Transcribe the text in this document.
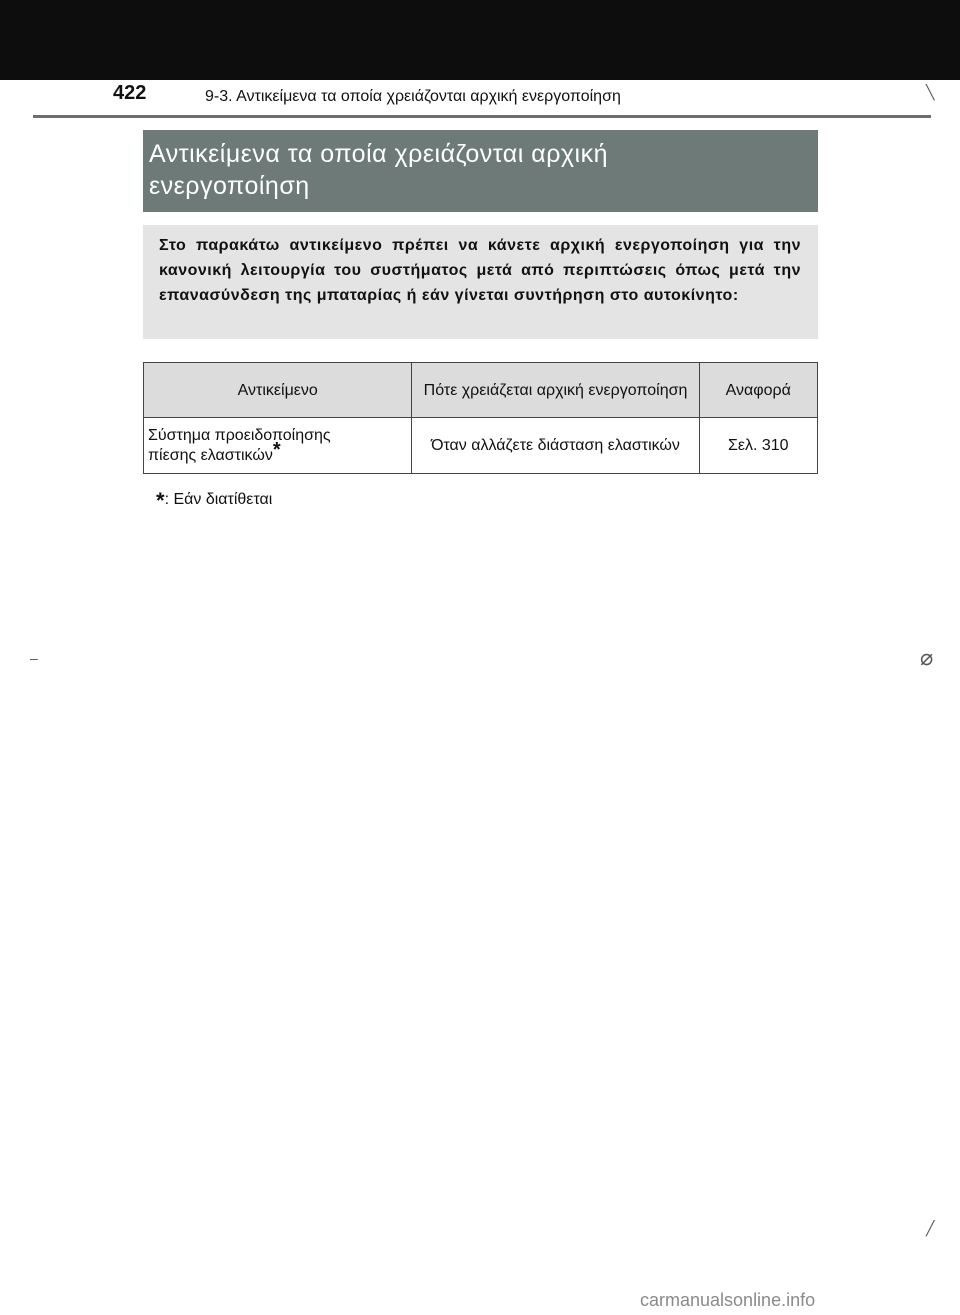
422	9-3. Αντικείμενα τα οποία χρειάζονται αρχική ενεργοποίηση	╲
–	⌀
╱
Αντικείμενα τα οποία χρειάζονται αρχική ενεργοποίηση
Στο παρακάτω αντικείμενο πρέπει να κάνετε αρχική ενεργοποίηση για την κανονική λειτουργία του συστήματος μετά από περιπτώσεις όπως μετά την επανασύνδεση της μπαταρίας ή εάν γίνεται συντήρηση στο αυτοκίνητο:
Αντικείμενο	Πότε χρειάζεται αρχική ενεργοποίηση	Αναφορά
Σύστημα προειδοποίησης
πίεσης ελαστικών*	Όταν αλλάζετε διάσταση ελαστικών	Σελ. 310
*: Εάν διατίθεται
carmanualsonline.info
